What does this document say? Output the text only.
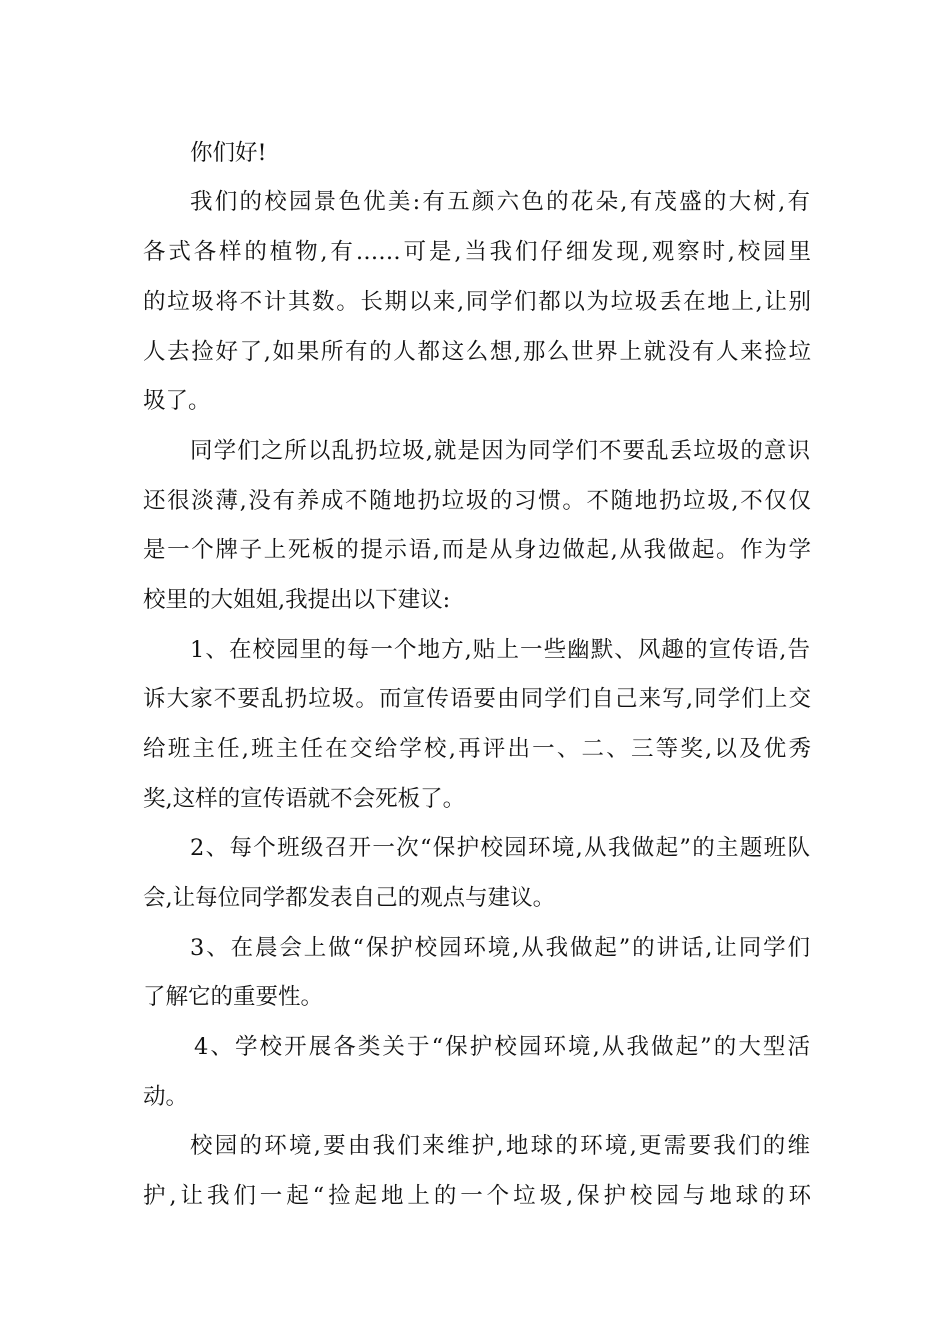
你们好!
我们的校园景色优美:有五颜六色的花朵,有茂盛的大树,有
各式各样的植物,有……可是,当我们仔细发现,观察时,校园里
的垃圾将不计其数。长期以来,同学们都以为垃圾丢在地上,让别
人去捡好了,如果所有的人都这么想,那么世界上就没有人来捡垃
圾了。
同学们之所以乱扔垃圾,就是因为同学们不要乱丢垃圾的意识
还很淡薄,没有养成不随地扔垃圾的习惯。不随地扔垃圾,不仅仅
是一个牌子上死板的提示语,而是从身边做起,从我做起。作为学
校里的大姐姐,我提出以下建议:
1、在校园里的每一个地方,贴上一些幽默、风趣的宣传语,告
诉大家不要乱扔垃圾。而宣传语要由同学们自己来写,同学们上交
给班主任,班主任在交给学校,再评出一、二、三等奖,以及优秀
奖,这样的宣传语就不会死板了。
2、每个班级召开一次“保护校园环境,从我做起”的主题班队
会,让每位同学都发表自己的观点与建议。
3、在晨会上做“保护校园环境,从我做起”的讲话,让同学们
了解它的重要性。
4、学校开展各类关于“保护校园环境,从我做起”的大型活
动。
校园的环境,要由我们来维护,地球的环境,更需要我们的维
护,让我们一起“捡起地上的一个垃圾,保护校园与地球的环
